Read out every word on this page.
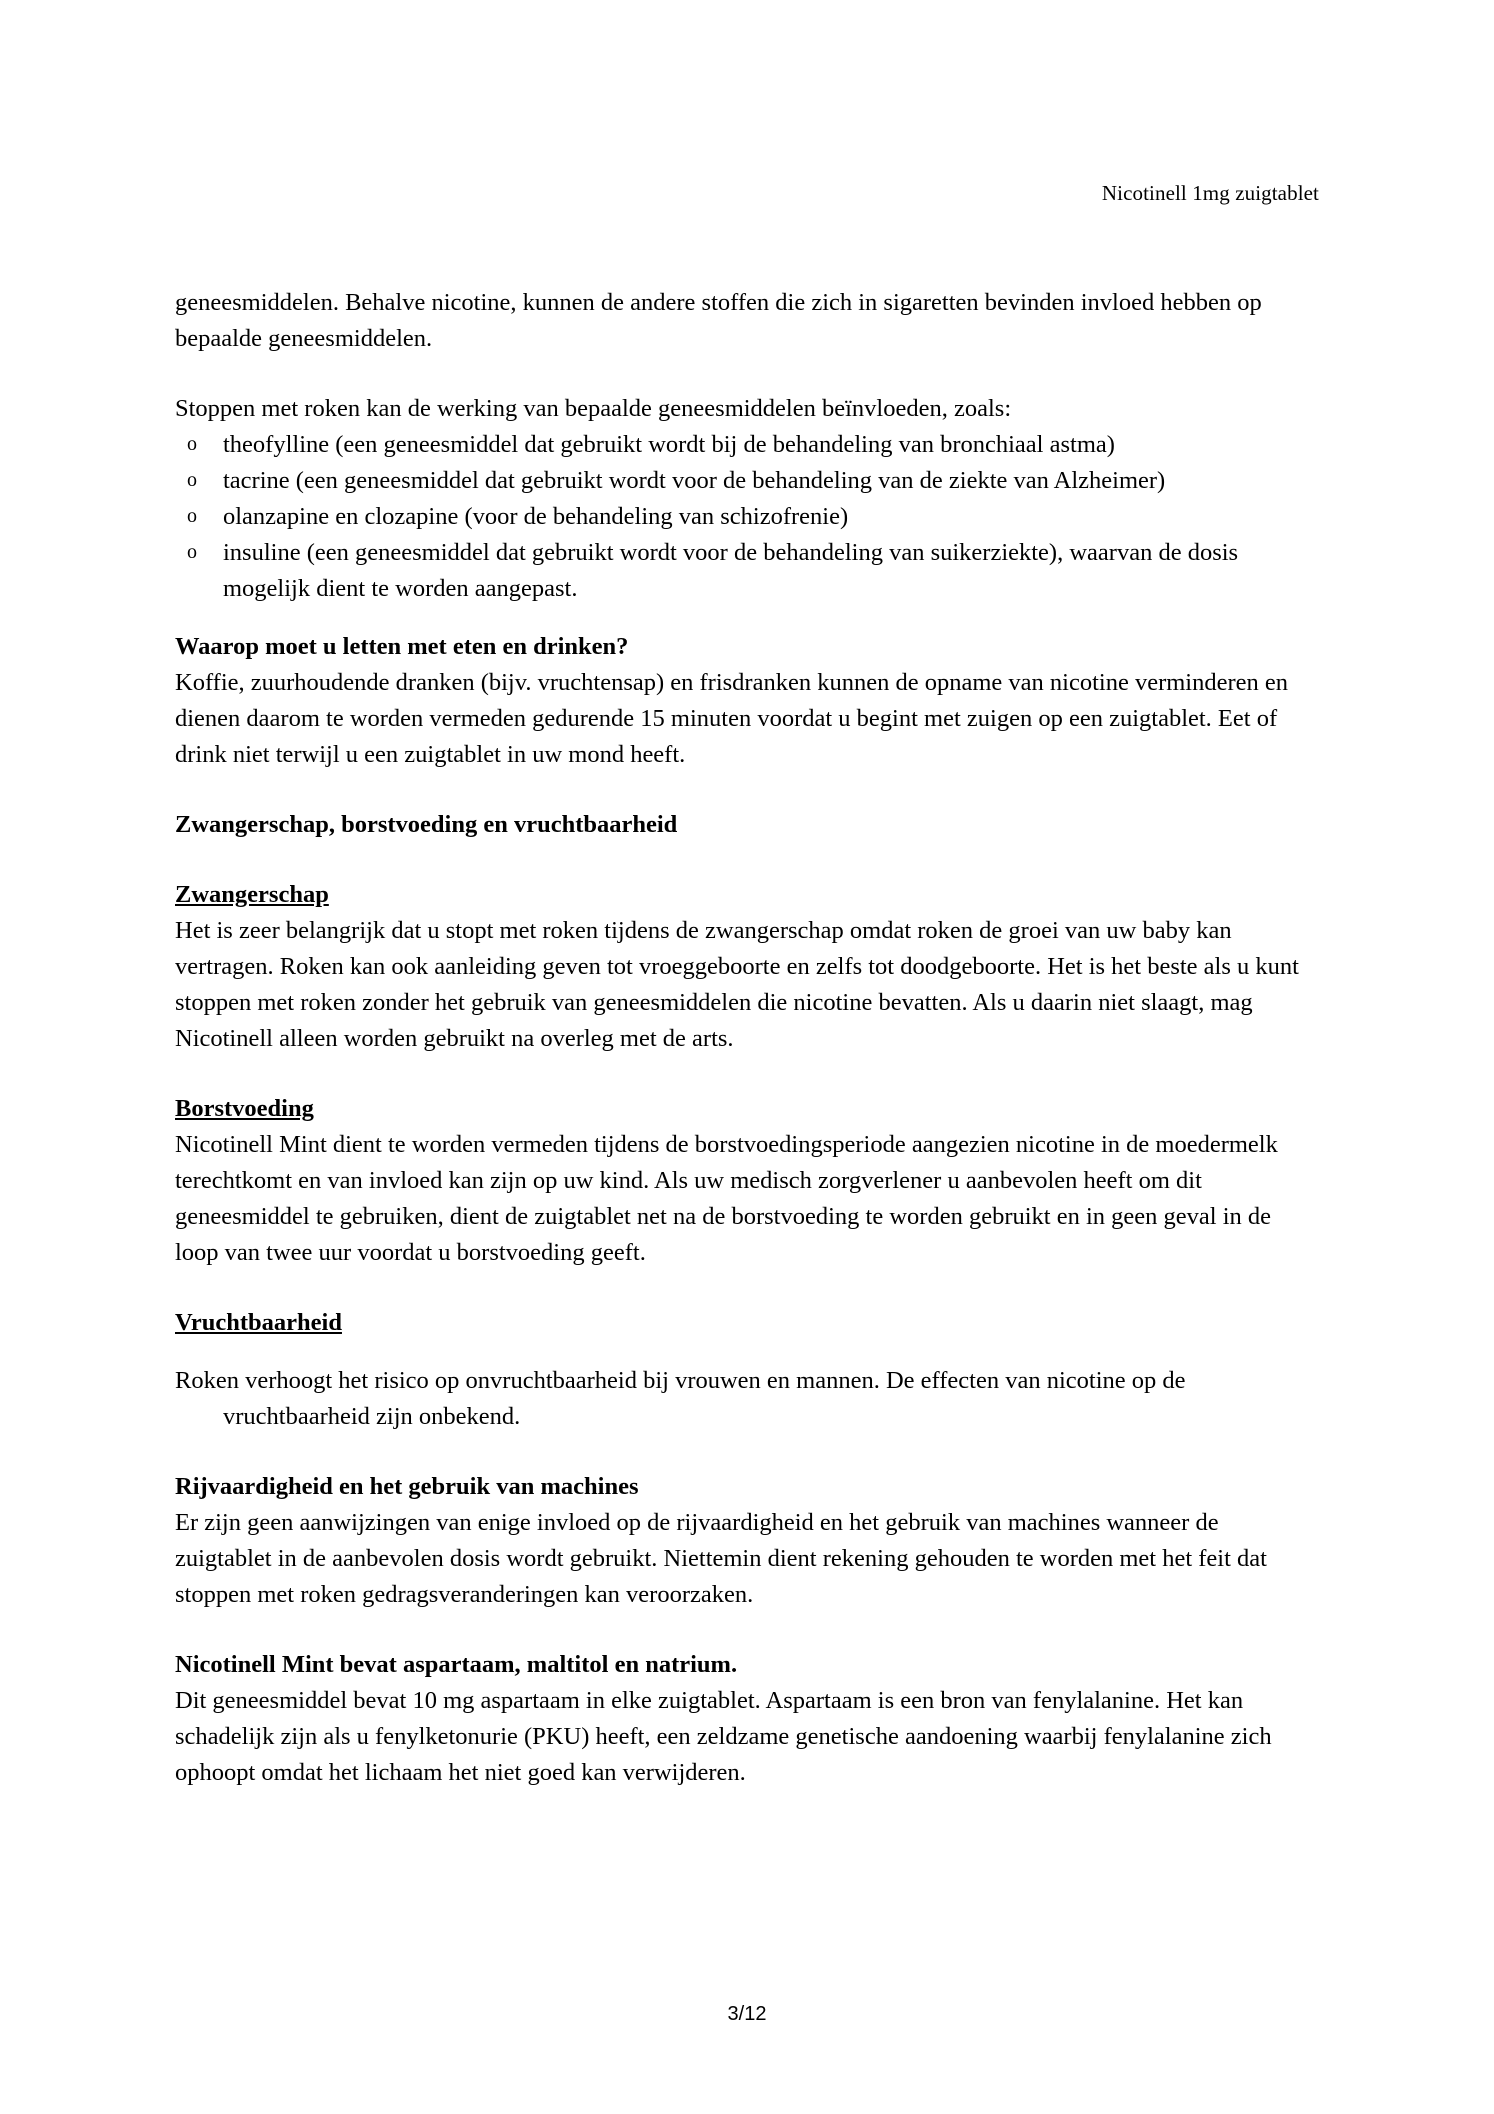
Nicotinell 1mg zuigtablet

geneesmiddelen. Behalve nicotine, kunnen de andere stoffen die zich in sigaretten bevinden invloed hebben op bepaalde geneesmiddelen.

Stoppen met roken kan de werking van bepaalde geneesmiddelen beïnvloeden, zoals:

o theofylline (een geneesmiddel dat gebruikt wordt bij de behandeling van bronchiaal astma)
o tacrine (een geneesmiddel dat gebruikt wordt voor de behandeling van de ziekte van Alzheimer)
o olanzapine en clozapine (voor de behandeling van schizofrenie)
o insuline (een geneesmiddel dat gebruikt wordt voor de behandeling van suikerziekte), waarvan de dosis mogelijk dient te worden aangepast.

Waarop moet u letten met eten en drinken?

Koffie, zuurhoudende dranken (bijv. vruchtensap) en frisdranken kunnen de opname van nicotine verminderen en dienen daarom te worden vermeden gedurende 15 minuten voordat u begint met zuigen op een zuigtablet. Eet of drink niet terwijl u een zuigtablet in uw mond heeft.

Zwangerschap, borstvoeding en vruchtbaarheid

Zwangerschap

Het is zeer belangrijk dat u stopt met roken tijdens de zwangerschap omdat roken de groei van uw baby kan vertragen. Roken kan ook aanleiding geven tot vroeggeboorte en zelfs tot doodgeboorte. Het is het beste als u kunt stoppen met roken zonder het gebruik van geneesmiddelen die nicotine bevatten. Als u daarin niet slaagt, mag Nicotinell alleen worden gebruikt na overleg met de arts.

Borstvoeding

Nicotinell Mint dient te worden vermeden tijdens de borstvoedingsperiode aangezien nicotine in de moedermelk terechtkomt en van invloed kan zijn op uw kind. Als uw medisch zorgverlener u aanbevolen heeft om dit geneesmiddel te gebruiken, dient de zuigtablet net na de borstvoeding te worden gebruikt en in geen geval in de loop van twee uur voordat u borstvoeding geeft.

Vruchtbaarheid

Roken verhoogt het risico op onvruchtbaarheid bij vrouwen en mannen. De effecten van nicotine op de vruchtbaarheid zijn onbekend.

Rijvaardigheid en het gebruik van machines

Er zijn geen aanwijzingen van enige invloed op de rijvaardigheid en het gebruik van machines wanneer de zuigtablet in de aanbevolen dosis wordt gebruikt. Niettemin dient rekening gehouden te worden met het feit dat stoppen met roken gedragsveranderingen kan veroorzaken.

Nicotinell Mint bevat aspartaam, maltitol en natrium.

Dit geneesmiddel bevat 10 mg aspartaam in elke zuigtablet. Aspartaam is een bron van fenylalanine. Het kan schadelijk zijn als u fenylketonurie (PKU) heeft, een zeldzame genetische aandoening waarbij fenylalanine zich ophoopt omdat het lichaam het niet goed kan verwijderen.

3/12
